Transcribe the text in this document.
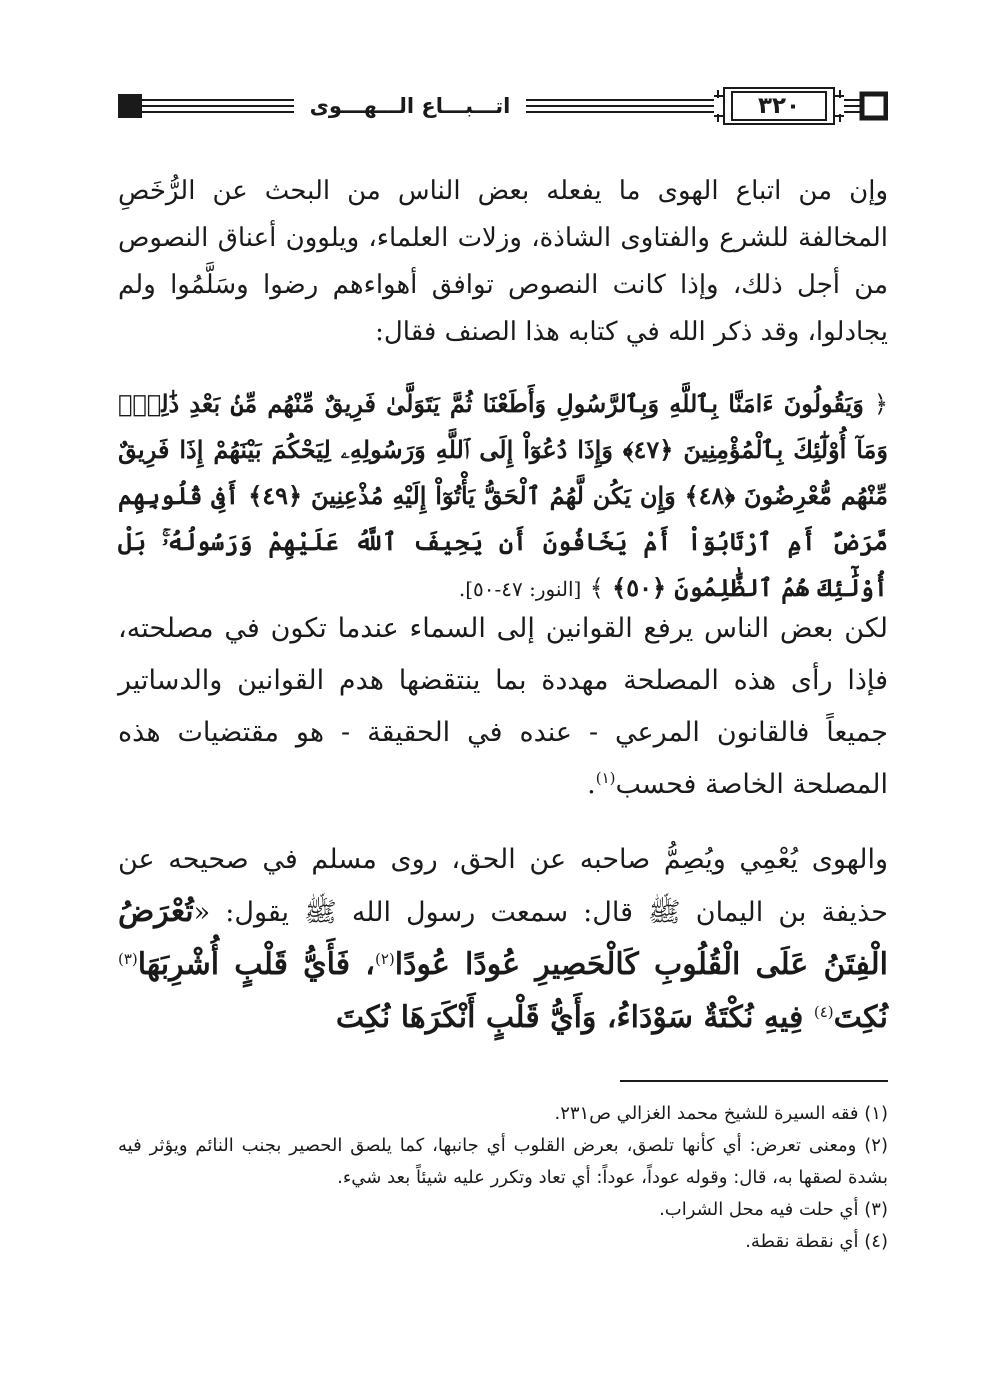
اتـــبـــاع الـــهـــوى	٣٢٠

وإن من اتباع الهوى ما يفعله بعض الناس من البحث عن الرُّخَصِ المخالفة للشرع والفتاوى الشاذة، وزلات العلماء، ويلوون أعناق النصوص من أجل ذلك، وإذا كانت النصوص توافق أهواءهم رضوا وسَلَّمُوا ولم يجادلوا، وقد ذكر الله في كتابه هذا الصنف فقال:

﴿ وَيَقُولُونَ ءَامَنَّا بِٱللَّهِ وَبِٱلرَّسُولِ وَأَطَعْنَا ثُمَّ يَتَوَلَّىٰ فَرِيقٌ مِّنْهُم مِّنۢ بَعْدِ ذَٰلِكَۚ وَمَآ أُوْلَٰٓئِكَ بِٱلْمُؤْمِنِينَ ﴿٤٧﴾ وَإِذَا دُعُوٓاْ إِلَى ٱللَّهِ وَرَسُولِهِۦ لِيَحْكُمَ بَيْنَهُمْ إِذَا فَرِيقٌ مِّنْهُم مُّعْرِضُونَ ﴿٤٨﴾ وَإِن يَكُن لَّهُمُ ٱلْحَقُّ يَأْتُوٓاْ إِلَيْهِ مُذْعِنِينَ ﴿٤٩﴾ أَفِى قُلُوبِهِم مَّرَضٌ أَمِ ٱرْتَابُوٓاْ أَمْ يَخَافُونَ أَن يَحِيفَ ٱللَّهُ عَلَيْهِمْ وَرَسُولُهُۥۚ بَلْ أُوْلَٰٓئِكَ هُمُ ٱلظَّٰلِمُونَ ﴿٥٠﴾ ﴾ [النور: ٤٧-٥٠].

لكن بعض الناس يرفع القوانين إلى السماء عندما تكون في مصلحته، فإذا رأى هذه المصلحة مهددة بما ينتقضها هدم القوانين والدساتير جميعاً فالقانون المرعي - عنده في الحقيقة - هو مقتضيات هذه المصلحة الخاصة فحسب$^{(١)}$.

والهوى يُعْمِي ويُصِمُّ صاحبه عن الحق، روى مسلم في صحيحه عن حذيفة بن اليمان ﷺ قال: سمعت رسول الله ﷺ يقول: «تُعْرَضُ الْفِتَنُ عَلَى الْقُلُوبِ كَالْحَصِيرِ عُودًا عُودًا$^{(٢)}$، فَأَيُّ قَلْبٍ أُشْرِبَهَا$^{(٣)}$ نُكِتَ$^{(٤)}$ فِيهِ نُكْتَةٌ سَوْدَاءُ، وَأَيُّ قَلْبٍ أَنْكَرَهَا نُكِتَ

(١) فقه السيرة للشيخ محمد الغزالي ص٢٣١.

(٢) ومعنى تعرض: أي كأنها تلصق، بعرض القلوب أي جانبها، كما يلصق الحصير بجنب النائم ويؤثر فيه بشدة لصقها به، قال: وقوله عوداً، عوداً: أي تعاد وتكرر عليه شيئاً بعد شيء.

(٣) أي حلت فيه محل الشراب.

(٤) أي نقطة نقطة.
